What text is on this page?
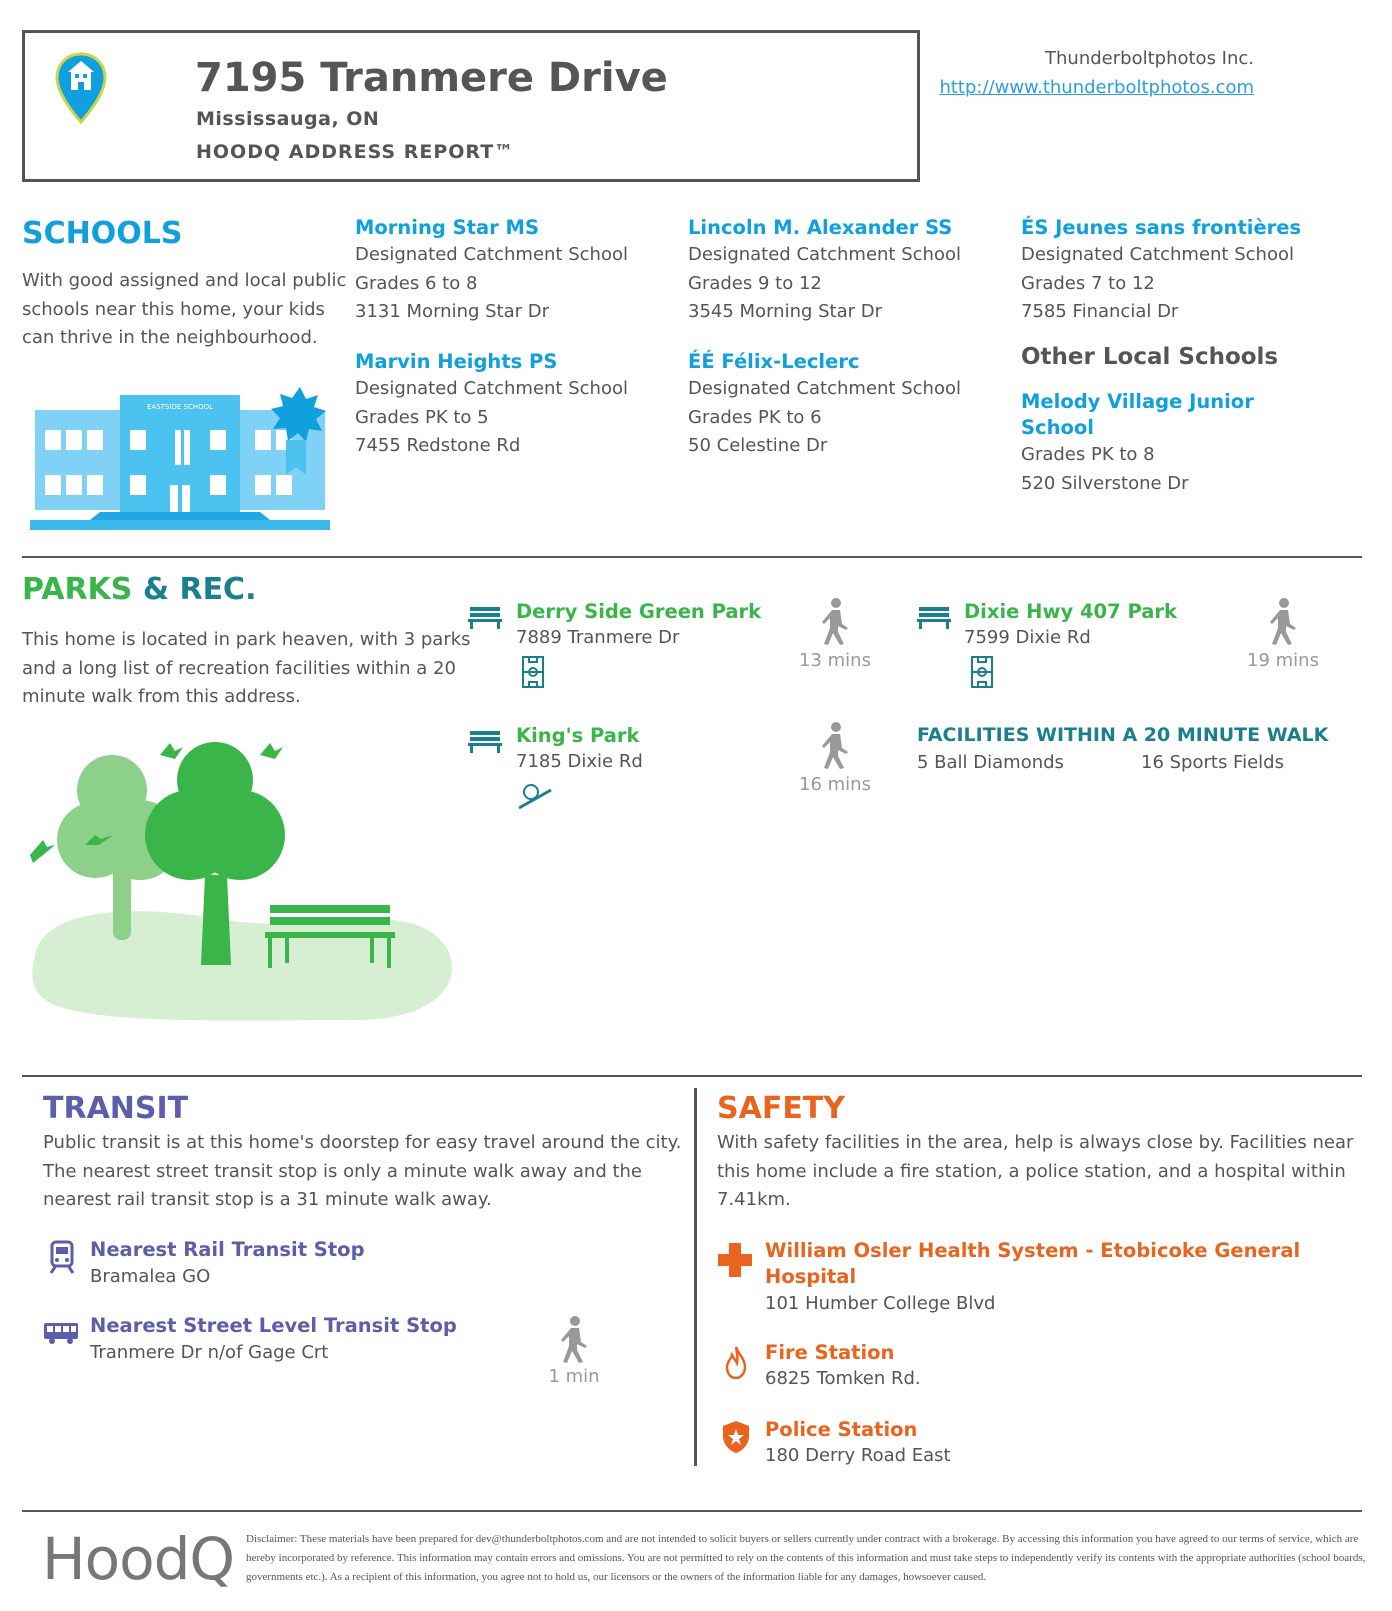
7195 Tranmere Drive
Mississauga, ON
HOODQ ADDRESS REPORT™
Thunderboltphotos Inc.
http://www.thunderboltphotos.com
SCHOOLS
With good assigned and local public schools near this home, your kids can thrive in the neighbourhood.
EASTSIDE SCHOOL
Morning Star MS
Designated Catchment School
Grades 6 to 8
3131 Morning Star Dr
Lincoln M. Alexander SS
Designated Catchment School
Grades 9 to 12
3545 Morning Star Dr
ÉS Jeunes sans frontières
Designated Catchment School
Grades 7 to 12
7585 Financial Dr
Marvin Heights PS
Designated Catchment School
Grades PK to 5
7455 Redstone Rd
ÉÉ Félix-Leclerc
Designated Catchment School
Grades PK to 6
50 Celestine Dr
Other Local Schools
Melody Village Junior School
Grades PK to 8
520 Silverstone Dr
PARKS & REC.
This home is located in park heaven, with 3 parks and a long list of recreation facilities within a 20 minute walk from this address.
Derry Side Green Park
7889 Tranmere Dr
13 mins
Dixie Hwy 407 Park
7599 Dixie Rd
19 mins
King's Park
7185 Dixie Rd
16 mins
FACILITIES WITHIN A 20 MINUTE WALK
5 Ball Diamonds	16 Sports Fields
TRANSIT
Public transit is at this home's doorstep for easy travel around the city. The nearest street transit stop is only a minute walk away and the nearest rail transit stop is a 31 minute walk away.
Nearest Rail Transit Stop
Bramalea GO
Nearest Street Level Transit Stop
Tranmere Dr n/of Gage Crt
1 min
SAFETY
With safety facilities in the area, help is always close by. Facilities near this home include a fire station, a police station, and a hospital within 7.41km.
William Osler Health System - Etobicoke General Hospital
101 Humber College Blvd
Fire Station
6825 Tomken Rd.
Police Station
180 Derry Road East
HoodQ Disclaimer: These materials have been prepared for dev@thunderboltphotos.com and are not intended to solicit buyers or sellers currently under contract with a brokerage. By accessing this information you have agreed to our terms of service, which are hereby incorporated by reference. This information may contain errors and omissions. You are not permitted to rely on the contents of this information and must take steps to independently verify its contents with the appropriate authorities (school boards, governments etc.). As a recipient of this information, you agree not to hold us, our licensors or the owners of the information liable for any damages, howsoever caused.
